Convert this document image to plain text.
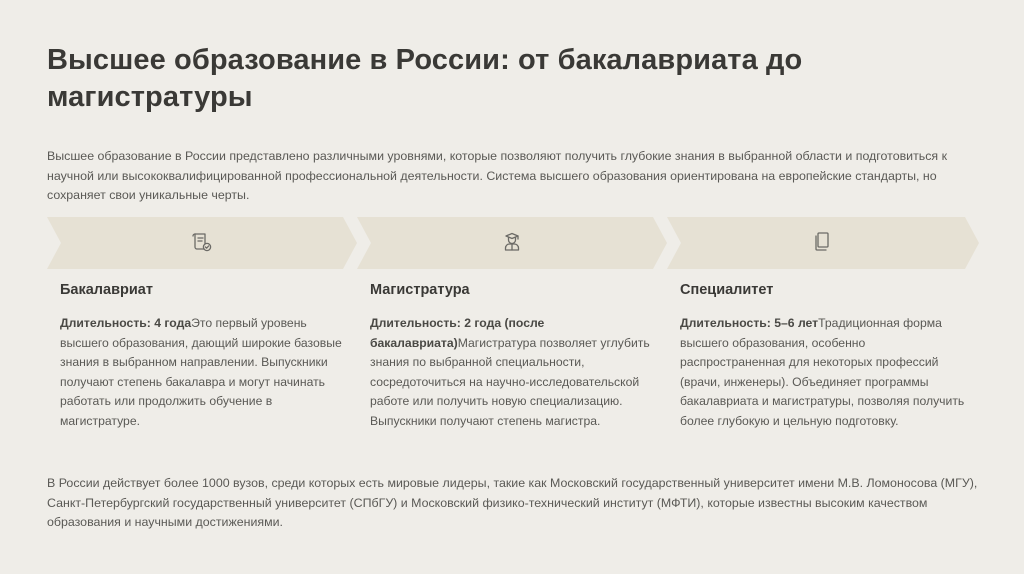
Высшее образование в России: от бакалавриата до магистратуры

Высшее образование в России представлено различными уровнями, которые позволяют получить глубокие знания в выбранной области и подготовиться к научной или высококвалифицированной профессиональной деятельности. Система высшего образования ориентирована на европейские стандарты, но сохраняет свои уникальные черты.

Бакалавриат

Длительность: 4 годаЭто первый уровень высшего образования, дающий широкие базовые знания в выбранном направлении. Выпускники получают степень бакалавра и могут начинать работать или продолжить обучение в магистратуре.

Магистратура

Длительность: 2 года (после бакалавриата)Магистратура позволяет углубить знания по выбранной специальности, сосредоточиться на научно-исследовательской работе или получить новую специализацию. Выпускники получают степень магистра.

Специалитет

Длительность: 5–6 летТрадиционная форма высшего образования, особенно распространенная для некоторых профессий (врачи, инженеры). Объединяет программы бакалавриата и магистратуры, позволяя получить более глубокую и цельную подготовку.

В России действует более 1000 вузов, среди которых есть мировые лидеры, такие как Московский государственный университет имени М.В. Ломоносова (МГУ), Санкт-Петербургский государственный университет (СПбГУ) и Московский физико-технический институт (МФТИ), которые известны высоким качеством образования и научными достижениями.
